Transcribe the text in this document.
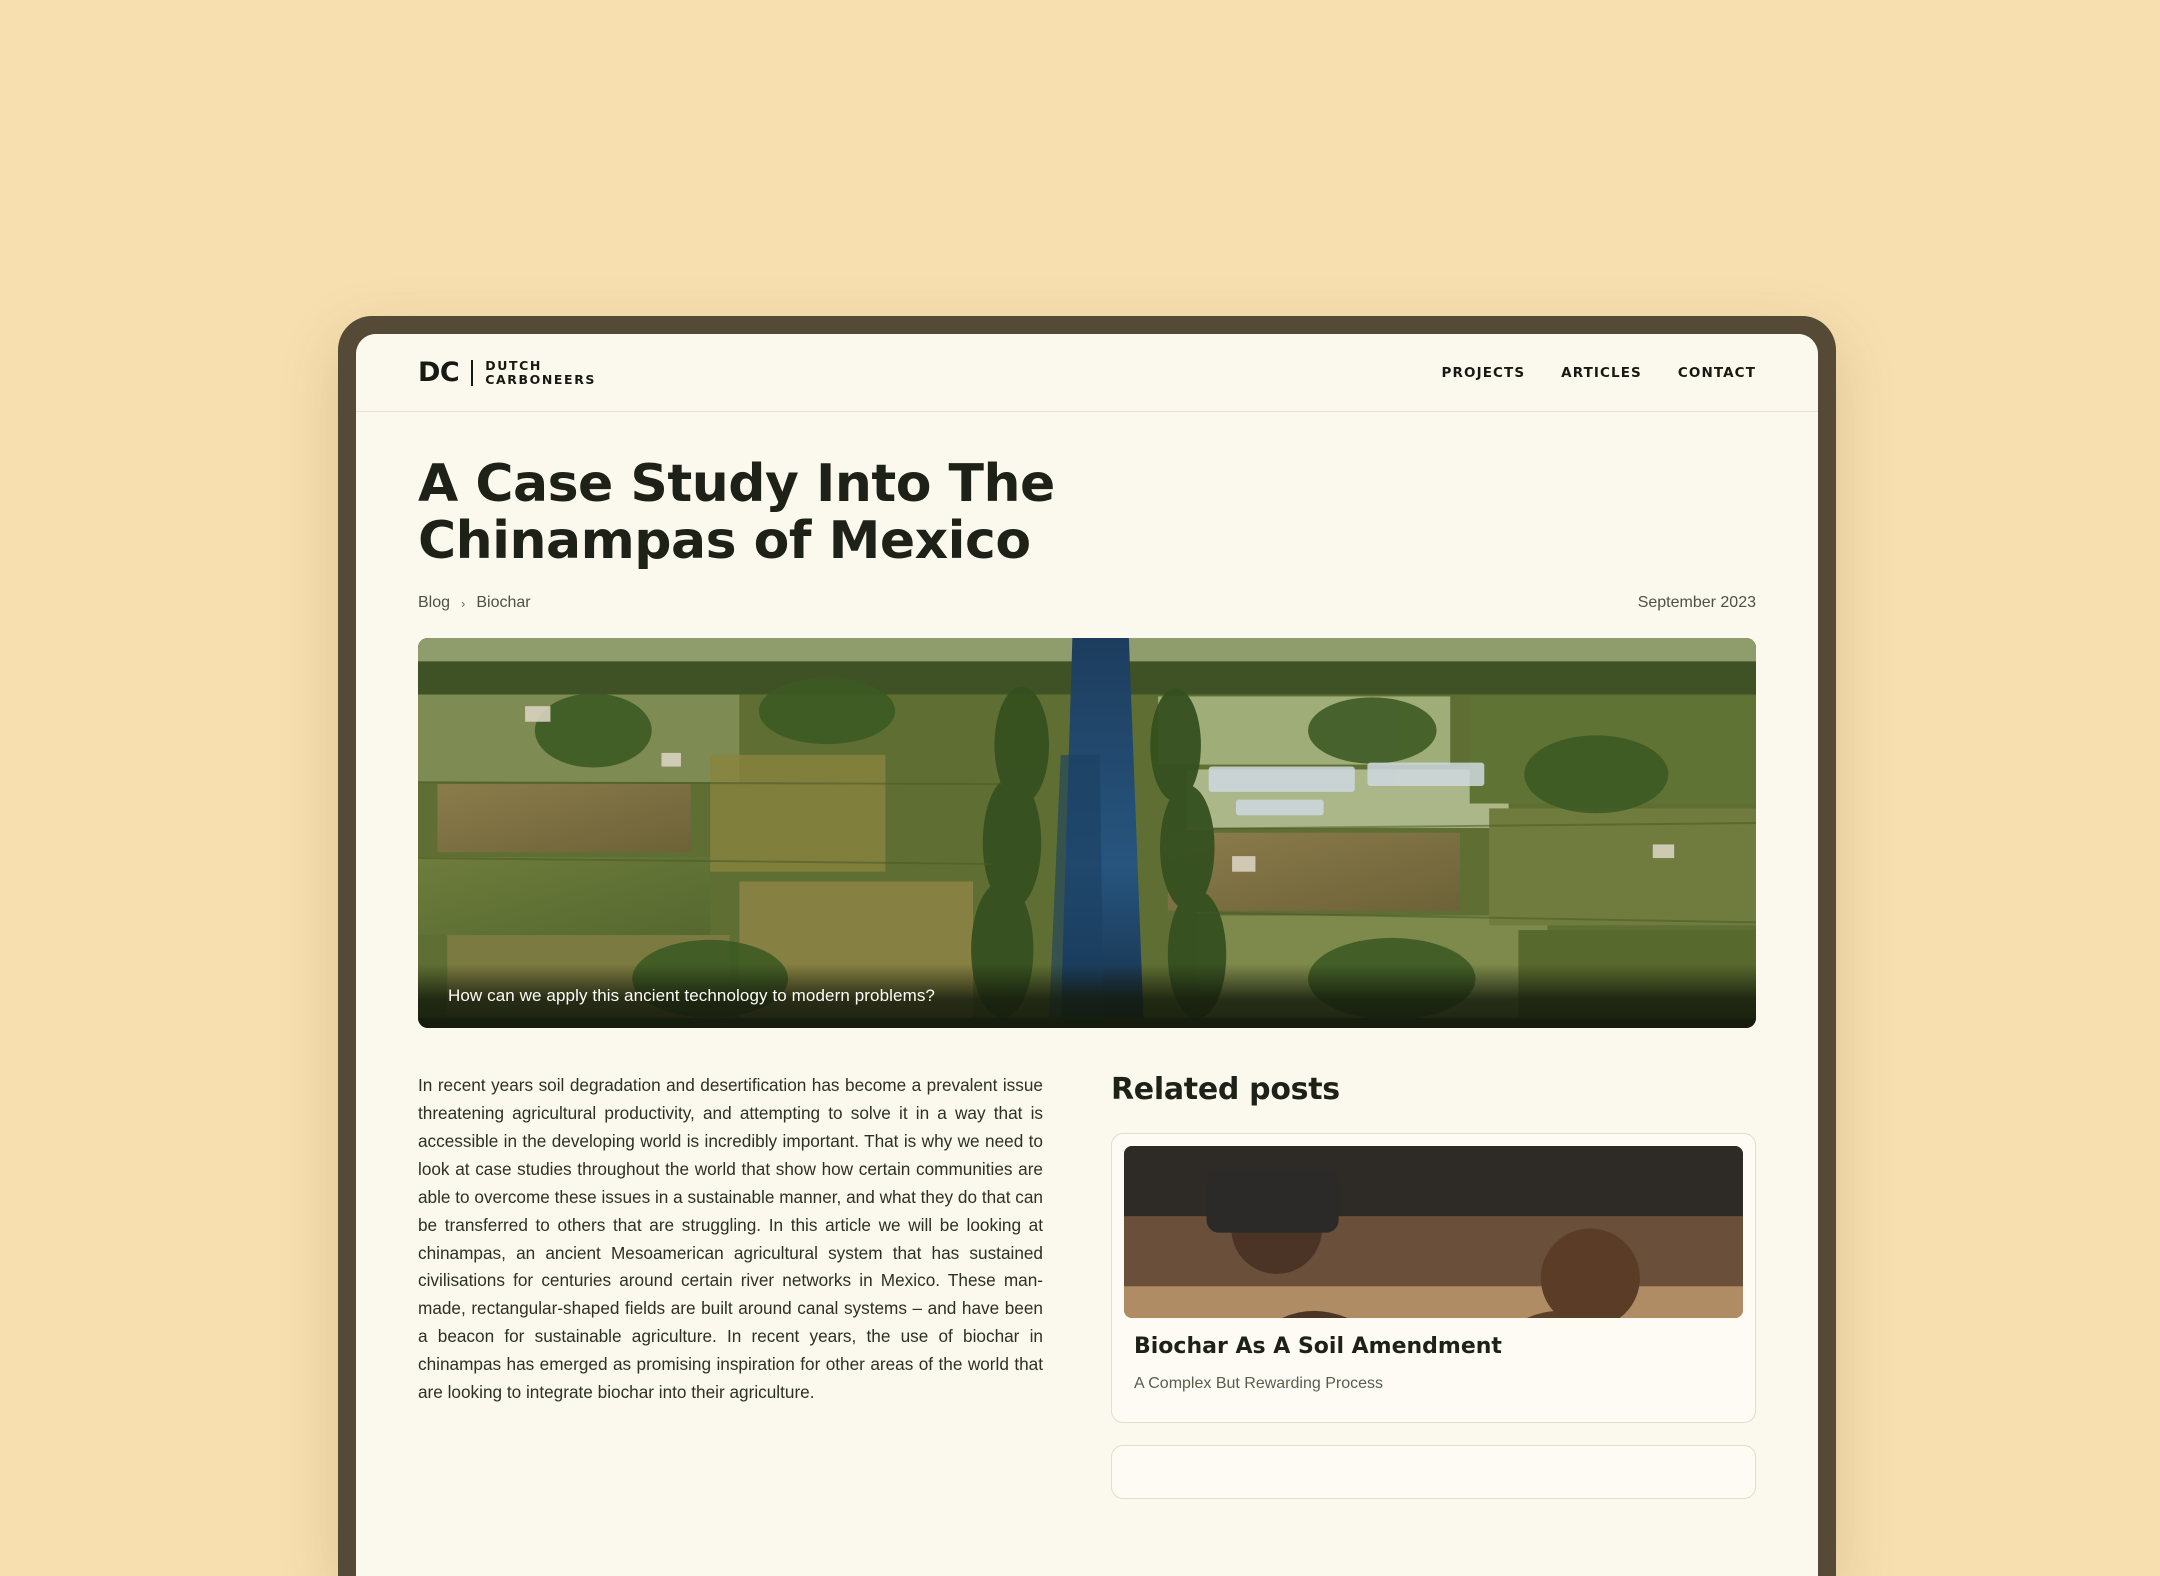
DC DUTCH
CARBONEERS	PROJECTS	ARTICLES	CONTACT
A Case Study Into The Chinampas of Mexico
Blog › Biochar	September 2023
How can we apply this ancient technology to modern problems?

In recent years soil degradation and desertification has become a prevalent issue threatening agricultural productivity, and attempting to solve it in a way that is accessible in the developing world is incredibly important. That is why we need to look at case studies throughout the world that show how certain communities are able to overcome these issues in a sustainable manner, and what they do that can be transferred to others that are struggling. In this article we will be looking at chinampas, an ancient Mesoamerican agricultural system that has sustained civilisations for centuries around certain river networks in Mexico. These man-made, rectangular-shaped fields are built around canal systems – and have been a beacon for sustainable agriculture. In recent years, the use of biochar in chinampas has emerged as promising inspiration for other areas of the world that are looking to integrate biochar into their agriculture.

Related posts
Biochar As A Soil Amendment
A Complex But Rewarding Process
